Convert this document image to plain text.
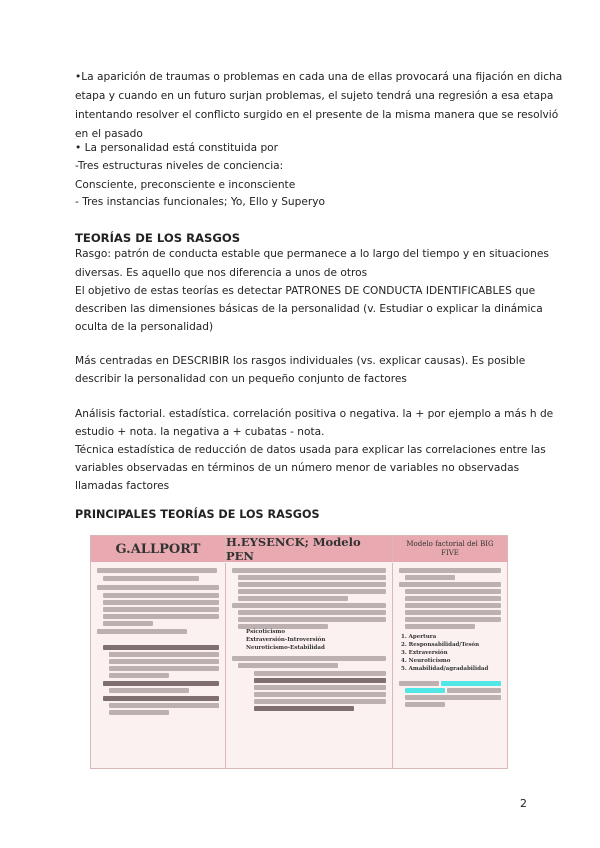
•La aparición de traumas o problemas en cada una de ellas provocará una fijación en dicha
etapa y cuando en un futuro surjan problemas, el sujeto tendrá una regresión a esa etapa
intentando resolver el conflicto surgido en el presente de la misma manera que se resolvió
en el pasado
• La personalidad está constituida por
-Tres estructuras niveles de conciencia:
Consciente, preconsciente e inconsciente
- Tres instancias funcionales; Yo, Ello y Superyo
TEORÍAS DE LOS RASGOS
Rasgo: patrón de conducta estable que permanece a lo largo del tiempo y en situaciones
diversas. Es aquello que nos diferencia a unos de otros
El objetivo de estas teorías es detectar PATRONES DE CONDUCTA IDENTIFICABLES que
describen las dimensiones básicas de la personalidad (v. Estudiar o explicar la dinámica
oculta de la personalidad)
Más centradas en DESCRIBIR los rasgos individuales (vs. explicar causas). Es posible
describir la personalidad con un pequeño conjunto de factores
Análisis factorial. estadística. correlación positiva o negativa. la + por ejemplo a más h de
estudio + nota. la negativa a + cubatas - nota.
Técnica estadística de reducción de datos usada para explicar las correlaciones entre las
variables observadas en términos de un número menor de variables no observadas
llamadas factores
PRINCIPALES TEORÍAS DE LOS RASGOS
G.ALLPORT	H.EYSENCK; Modelo PEN
Modelo factorial del BIG FIVE
Psicoticismo
Extraversión-Introversión
Neuroticismo-Estabilidad
1. Apertura
2. Responsabilidad/Tesón
3. Extraversión
4. Neuroticismo
5. Amabilidad/agradabilidad
2
